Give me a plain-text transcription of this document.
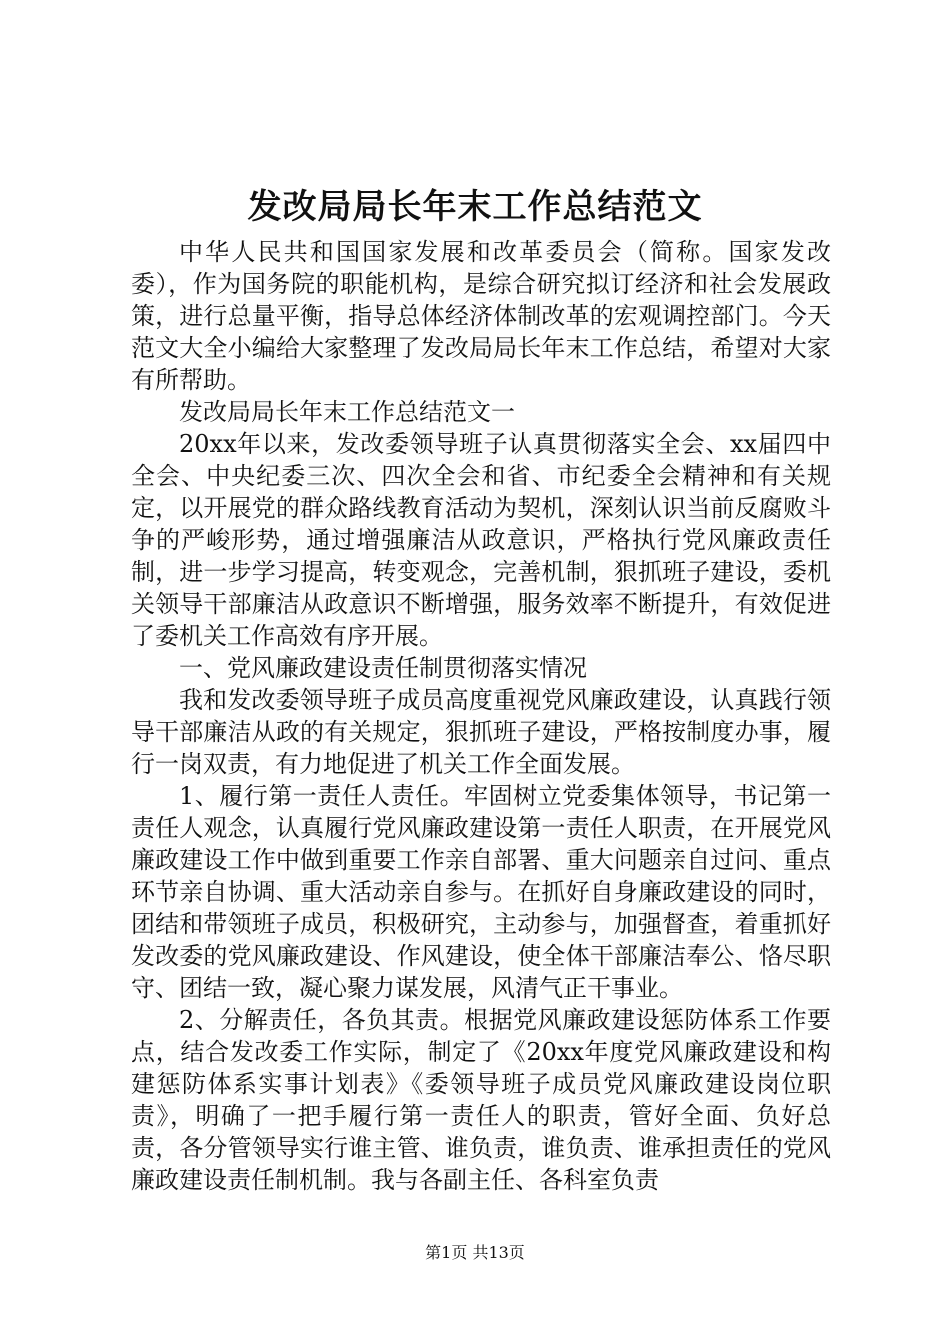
发改局局长年末工作总结范文

中华人民共和国国家发展和改革委员会（简称。国家发改委），作为国务院的职能机构，是综合研究拟订经济和社会发展政策，进行总量平衡，指导总体经济体制改革的宏观调控部门。今天范文大全小编给大家整理了发改局局长年末工作总结，希望对大家有所帮助。

发改局局长年末工作总结范文一

20xx年以来，发改委领导班子认真贯彻落实全会、xx届四中全会、中央纪委三次、四次全会和省、市纪委全会精神和有关规定，以开展党的群众路线教育活动为契机，深刻认识当前反腐败斗争的严峻形势，通过增强廉洁从政意识，严格执行党风廉政责任制，进一步学习提高，转变观念，完善机制，狠抓班子建设，委机关领导干部廉洁从政意识不断增强，服务效率不断提升，有效促进了委机关工作高效有序开展。

一、党风廉政建设责任制贯彻落实情况

我和发改委领导班子成员高度重视党风廉政建设，认真践行领导干部廉洁从政的有关规定，狠抓班子建设，严格按制度办事，履行一岗双责，有力地促进了机关工作全面发展。

1、履行第一责任人责任。牢固树立党委集体领导，书记第一责任人观念，认真履行党风廉政建设第一责任人职责，在开展党风廉政建设工作中做到重要工作亲自部署、重大问题亲自过问、重点环节亲自协调、重大活动亲自参与。在抓好自身廉政建设的同时，团结和带领班子成员，积极研究，主动参与，加强督查，着重抓好发改委的党风廉政建设、作风建设，使全体干部廉洁奉公、恪尽职守、团结一致，凝心聚力谋发展，风清气正干事业。

2、分解责任，各负其责。根据党风廉政建设惩防体系工作要点，结合发改委工作实际，制定了《20xx年度党风廉政建设和构建惩防体系实事计划表》《委领导班子成员党风廉政建设岗位职责》，明确了一把手履行第一责任人的职责，管好全面、负好总责，各分管领导实行谁主管、谁负责，谁负责、谁承担责任的党风廉政建设责任制机制。我与各副主任、各科室负责

第1页 共13页
